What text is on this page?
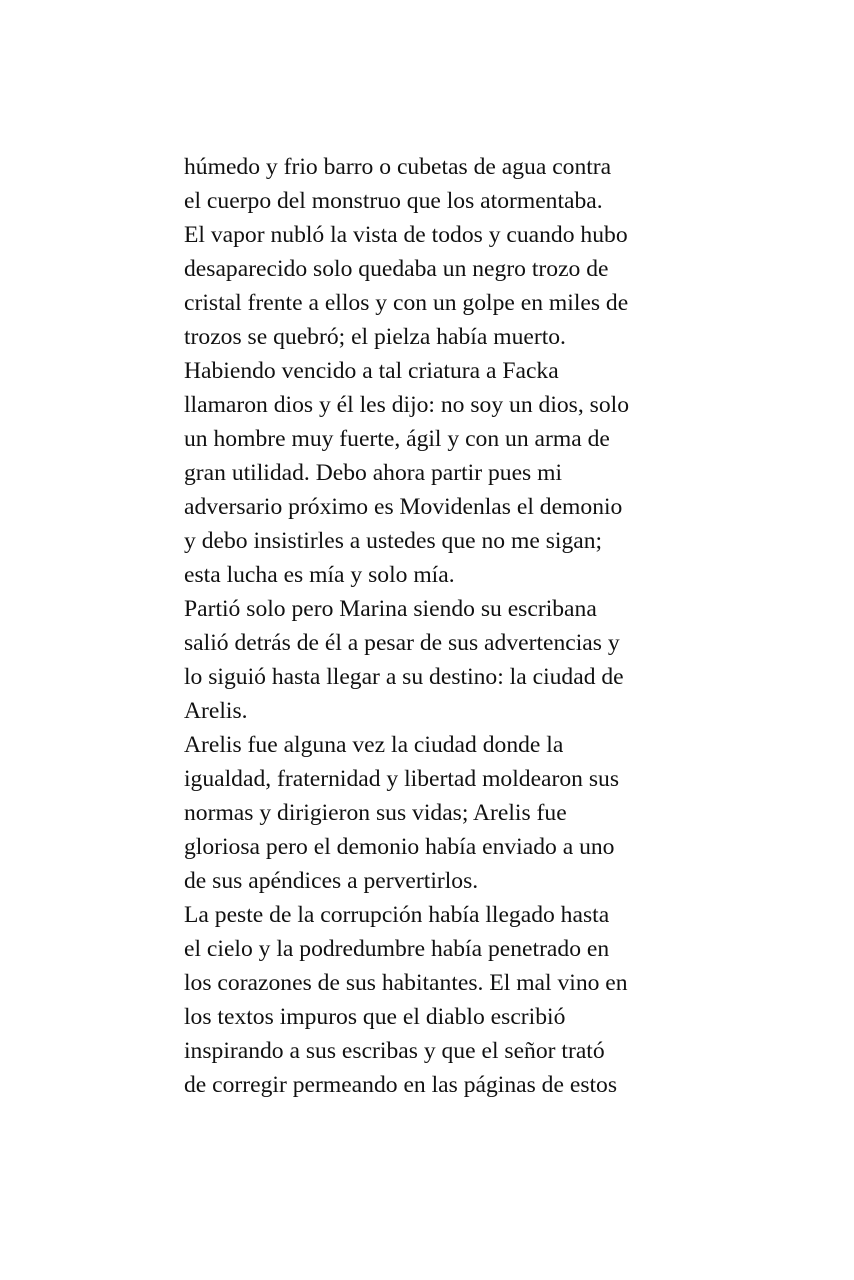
húmedo y frio barro o cubetas de agua contra
el cuerpo del monstruo que los atormentaba.
El vapor nubló la vista de todos y cuando hubo
desaparecido solo quedaba un negro trozo de
cristal frente a ellos y con un golpe en miles de
trozos se quebró; el pielza había muerto.
Habiendo vencido a tal criatura a Facka
llamaron dios y él les dijo: no soy un dios, solo
un hombre muy fuerte, ágil y con un arma de
gran utilidad. Debo ahora partir pues mi
adversario próximo es Movidenlas el demonio
y debo insistirles a ustedes que no me sigan;
esta lucha es mía y solo mía.
Partió solo pero Marina siendo su escribana
salió detrás de él a pesar de sus advertencias y
lo siguió hasta llegar a su destino: la ciudad de
Arelis.
Arelis fue alguna vez la ciudad donde la
igualdad, fraternidad y libertad moldearon sus
normas y dirigieron sus vidas; Arelis fue
gloriosa pero el demonio había enviado a uno
de sus apéndices a pervertirlos.
La peste de la corrupción había llegado hasta
el cielo y la podredumbre había penetrado en
los corazones de sus habitantes. El mal vino en
los textos impuros que el diablo escribió
inspirando a sus escribas y que el señor trató
de corregir permeando en las páginas de estos
